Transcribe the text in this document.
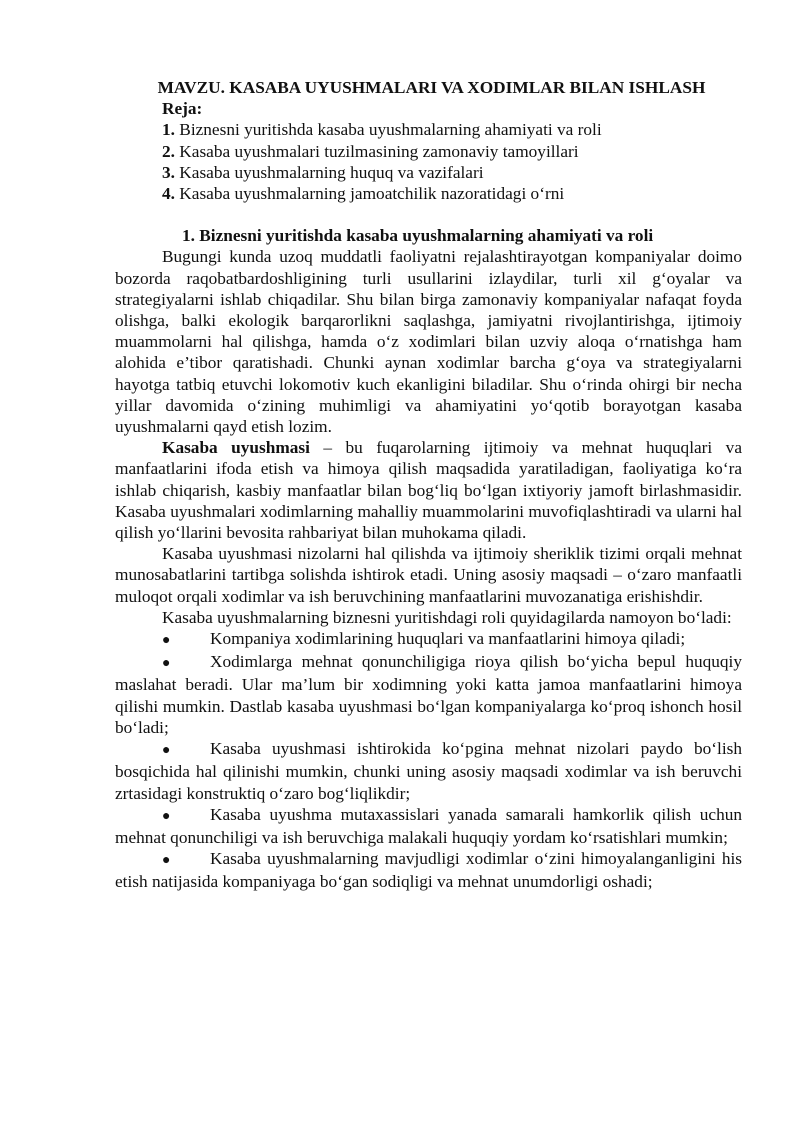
MAVZU. KASABA UYUSHMALARI VA XODIMLAR BILAN ISHLASH

Reja:

1. Biznesni yuritishda kasaba uyushmalarning ahamiyati va roli

2. Kasaba uyushmalari tuzilmasining zamonaviy tamoyillari

3. Kasaba uyushmalarning huquq va vazifalari

4. Kasaba uyushmalarning jamoatchilik nazoratidagi o‘rni

1. Biznesni yuritishda kasaba uyushmalarning ahamiyati va roli

Bugungi kunda uzoq muddatli faoliyatni rejalashtirayotgan kompaniyalar doimo bozorda raqobatbardoshligining turli usullarini izlaydilar, turli xil g‘oyalar va strategiyalarni ishlab chiqadilar. Shu bilan birga zamonaviy kompaniyalar nafaqat foyda olishga, balki ekologik barqarorlikni saqlashga, jamiyatni rivojlantirishga, ijtimoiy muammolarni hal qilishga, hamda o‘z xodimlari bilan uzviy aloqa o‘rnatishga ham alohida e’tibor qaratishadi. Chunki aynan xodimlar barcha g‘oya va strategiyalarni hayotga tatbiq etuvchi lokomotiv kuch ekanligini biladilar. Shu o‘rinda ohirgi bir necha yillar davomida o‘zining muhimligi va ahamiyatini yo‘qotib borayotgan kasaba uyushmalarni qayd etish lozim.

Kasaba uyushmasi – bu fuqarolarning ijtimoiy va mehnat huquqlari va manfaatlarini ifoda etish va himoya qilish maqsadida yaratiladigan, faoliyatiga ko‘ra ishlab chiqarish, kasbiy manfaatlar bilan bog‘liq bo‘lgan ixtiyoriy jamoft birlashmasidir. Kasaba uyushmalari xodimlarning mahalliy muammolarini muvofiqlashtiradi va ularni hal qilish yo‘llarini bevosita rahbariyat bilan muhokama qiladi.

Kasaba uyushmasi nizolarni hal qilishda va ijtimoiy sheriklik tizimi orqali mehnat munosabatlarini tartibga solishda ishtirok etadi. Uning asosiy maqsadi – o‘zaro manfaatli muloqot orqali xodimlar va ish beruvchining manfaatlarini muvozanatiga erishishdir.

Kasaba uyushmalarning biznesni yuritishdagi roli quyidagilarda namoyon bo‘ladi:

● Kompaniya xodimlarining huquqlari va manfaatlarini himoya qiladi;

● Xodimlarga mehnat qonunchiligiga rioya qilish bo‘yicha bepul huquqiy maslahat beradi. Ular ma’lum bir xodimning yoki katta jamoa manfaatlarini himoya qilishi mumkin. Dastlab kasaba uyushmasi bo‘lgan kompaniyalarga ko‘proq ishonch hosil bo‘ladi;

● Kasaba uyushmasi ishtirokida ko‘pgina mehnat nizolari paydo bo‘lish bosqichida hal qilinishi mumkin, chunki uning asosiy maqsadi xodimlar va ish beruvchi zrtasidagi konstruktiq o‘zaro bog‘liqlikdir;

● Kasaba uyushma mutaxassislari yanada samarali hamkorlik qilish uchun mehnat qonunchiligi va ish beruvchiga malakali huquqiy yordam ko‘rsatishlari mumkin;

● Kasaba uyushmalarning mavjudligi xodimlar o‘zini himoyalanganligini his etish natijasida kompaniyaga bo‘gan sodiqligi va mehnat unumdorligi oshadi;
